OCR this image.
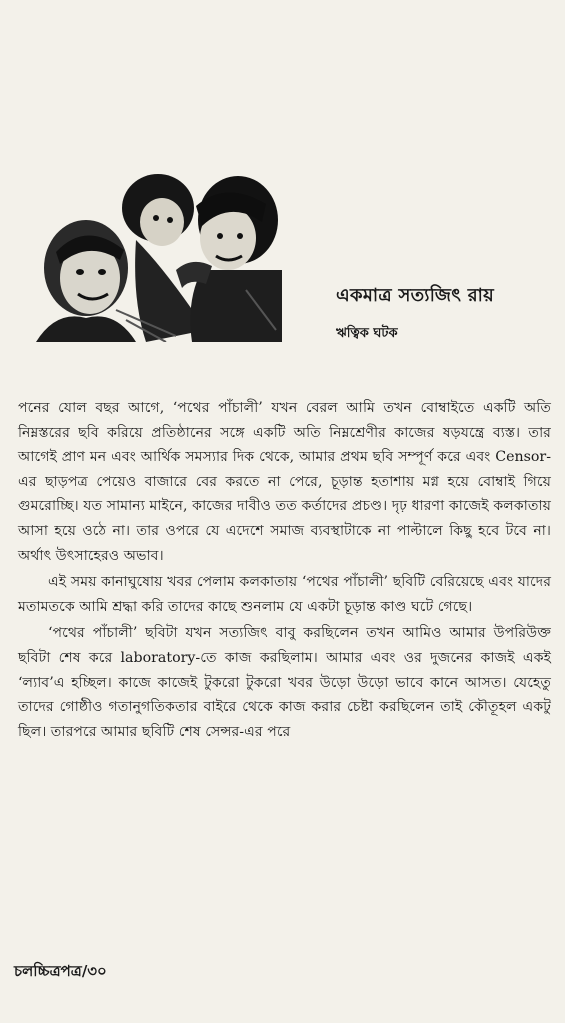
একমাত্র সত্যজিৎ রায়
ঋত্বিক ঘটক

পনের যোল বছর আগে, ‘পথের পাঁচালী’ যখন বেরল আমি তখন বোম্বাইতে একটি অতি নিম্নস্তরের ছবি করিয়ে প্রতিষ্ঠানের সঙ্গে একটি অতি নিম্নশ্রেণীর কাজের ষড়যন্ত্রে ব্যস্ত। তার আগেই প্রাণ মন এবং আর্থিক সমস্যার দিক থেকে, আমার প্রথম ছবি সম্পূর্ণ করে এবং Censor-এর ছাড়পত্র পেয়েও বাজারে বের করতে না পেরে, চূড়ান্ত হতাশায় মগ্ন হয়ে বোম্বাই গিয়ে গুমরোচ্ছি। যত সামান্য মাইনে, কাজের দাবীও তত কর্তাদের প্রচণ্ড। দৃঢ় ধারণা কাজেই কলকাতায় আসা হয়ে ওঠে না। তার ওপরে যে এদেশে সমাজ ব্যবস্থাটাকে না পাল্টালে কিছু হবে টবে না। অর্থাৎ উৎসাহেরও অভাব।

এই সময় কানাঘুষোয় খবর পেলাম কলকাতায় ‘পথের পাঁচালী’ ছবিটি বেরিয়েছে এবং যাদের মতামতকে আমি শ্রদ্ধা করি তাদের কাছে শুনলাম যে একটা চূড়ান্ত কাণ্ড ঘটে গেছে।

‘পথের পাঁচালী’ ছবিটা যখন সত্যজিৎ বাবু করছিলেন তখন আমিও আমার উপরিউক্ত ছবিটা শেষ করে laboratory-তে কাজ করছিলাম। আমার এবং ওর দুজনের কাজই একই ‘ল্যাব’এ হচ্ছিল। কাজে কাজেই টুকরো টুকরো খবর উড়ো উড়ো ভাবে কানে আসত। যেহেতু তাদের গোষ্ঠীও গতানুগতিকতার বাইরে থেকে কাজ করার চেষ্টা করছিলেন তাই কৌতূহল একটু ছিল। তারপরে আমার ছবিটি শেষ সেন্সর-এর পরে

চলচ্চিত্রপত্র/৩০
